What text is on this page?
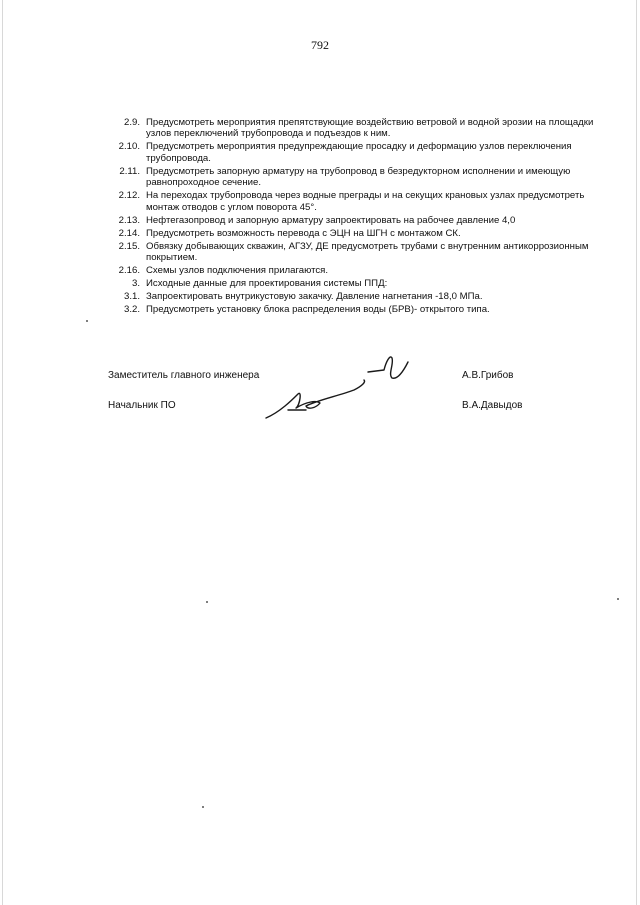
792
2.9. Предусмотреть мероприятия препятствующие воздействию ветровой и водной эрозии на площадки узлов переключений трубопровода и подъездов к ним.
2.10. Предусмотреть мероприятия предупреждающие просадку и деформацию узлов переключения трубопровода.
2.11. Предусмотреть запорную арматуру на трубопровод в безредукторном исполнении и имеющую равнопроходное сечение.
2.12. На переходах трубопровода через водные преграды и на секущих крановых узлах предусмотреть монтаж отводов с углом поворота 45°.
2.13. Нефтегазопровод и запорную арматуру запроектировать на рабочее давление 4,0
2.14. Предусмотреть возможность перевода с ЭЦН на ШГН с монтажом СК.
2.15. Обвязку добывающих скважин, АГЗУ, ДЕ предусмотреть трубами с внутренним антикоррозионным покрытием.
2.16. Схемы узлов подключения прилагаются.
3. Исходные данные для проектирования системы ППД:
3.1. Запроектировать внутрикустовую закачку. Давление нагнетания -18,0 МПа.
3.2. Предусмотреть установку блока распределения воды (БРВ)- открытого типа.
Заместитель главного инженера	А.В.Грибов
Начальник ПО	В.А.Давыдов
